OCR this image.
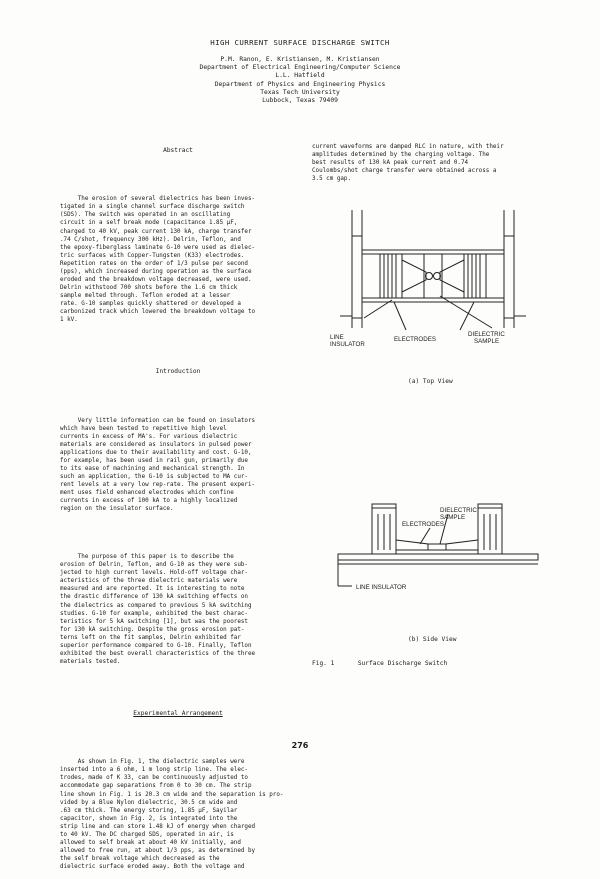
HIGH CURRENT SURFACE DISCHARGE SWITCH
P.M. Ranon, E. Kristiansen, M. Kristiansen
Department of Electrical Engineering/Computer Science
L.L. Hatfield
Department of Physics and Engineering Physics
Texas Tech University
Lubbock, Texas 79409

Abstract

The erosion of several dielectrics has been inves-

tigated in a single channel surface discharge switch

(SDS). The switch was operated in an oscillating

circuit in a self break mode (capacitance 1.85 µF,

charged to 40 kV, peak current 130 kA, charge transfer

.74 C/shot, frequency 300 kHz). Delrin, Teflon, and

the epoxy-fiberglass laminate G-10 were used as dielec-

tric surfaces with Copper-Tungsten (K33) electrodes.

Repetition rates on the order of 1/3 pulse per second

(pps), which increased during operation as the surface

eroded and the breakdown voltage decreased, were used.

Delrin withstood 700 shots before the 1.6 cm thick

sample melted through. Teflon eroded at a lesser

rate. G-10 samples quickly shattered or developed a

carbonized track which lowered the breakdown voltage to

1 kV.

Introduction

Very little information can be found on insulators

which have been tested to repetitive high level

currents in excess of MA's. For various dielectric

materials are considered as insulators in pulsed power

applications due to their availability and cost. G-10,

for example, has been used in rail gun, primarily due

to its ease of machining and mechanical strength. In

such an application, the G-10 is subjected to MA cur-

rent levels at a very low rep-rate. The present experi-

ment uses field enhanced electrodes which confine

currents in excess of 100 kA to a highly localized

region on the insulator surface.

The purpose of this paper is to describe the

erosion of Delrin, Teflon, and G-10 as they were sub-

jected to high current levels. Hold-off voltage char-

acteristics of the three dielectric materials were

measured and are reported. It is interesting to note

the drastic difference of 130 kA switching effects on

the dielectrics as compared to previous 5 kA switching

studies. G-10 for example, exhibited the best charac-

teristics for 5 kA switching [1], but was the poorest

for 130 kA switching. Despite the gross erosion pat-

terns left on the fit samples, Delrin exhibited far

superior performance compared to G-10. Finally, Teflon

exhibited the best overall characteristics of the three

materials tested.

Experimental Arrangement

As shown in Fig. 1, the dielectric samples were

inserted into a 6 ohm, 1 m long strip line. The elec-

trodes, made of K 33, can be continuously adjusted to

accommodate gap separations from 0 to 30 cm. The strip

line shown in Fig. 1 is 20.3 cm wide and the separation is pro-

vided by a Blue Nylon dielectric, 30.5 cm wide and

.63 cm thick. The energy storing, 1.85 µF, Sayilar

capacitor, shown in Fig. 2, is integrated into the

strip line and can store 1.48 kJ of energy when charged

to 40 kV. The DC charged SDS, operated in air, is

allowed to self break at about 40 kV initially, and

allowed to free run, at about 1/3 pps, as determined by

the self break voltage which decreased as the

dielectric surface eroded away. Both the voltage and

current waveforms are damped RLC in nature, with their

amplitudes determined by the charging voltage. The

best results of 130 kA peak current and 0.74

Coulombs/shot charge transfer were obtained across a

3.5 cm gap.

LINE
INSULATOR
ELECTRODES
DIELECTRIC
SAMPLE
(a) Top View
DIELECTRIC
SAMPLE
ELECTRODES
LINE INSULATOR
(b) Side View
Fig. 1	Surface Discharge Switch
276
